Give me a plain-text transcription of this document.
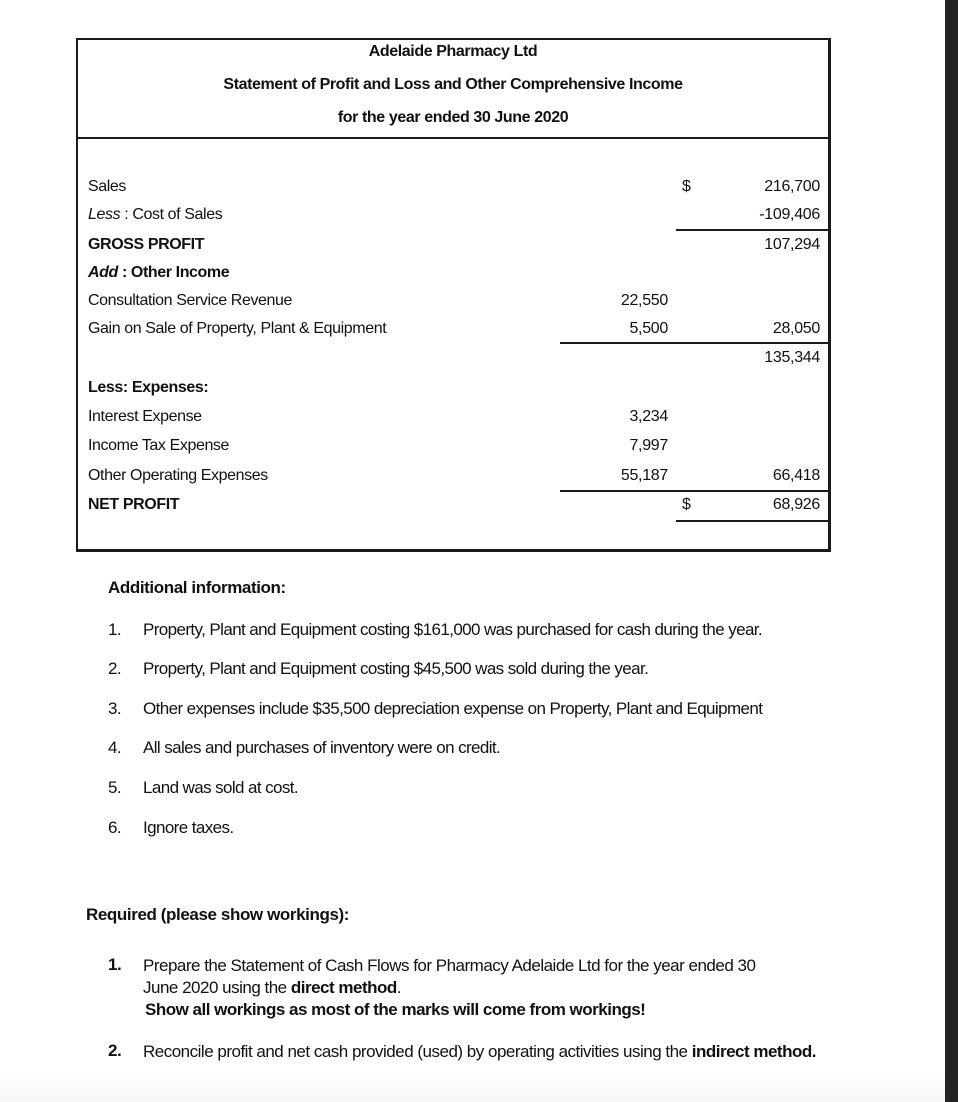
Adelaide Pharmacy Ltd
Statement of Profit and Loss and Other Comprehensive Income
for the year ended 30 June 2020
Sales	$	216,700
Less : Cost of Sales	-109,406
GROSS PROFIT	107,294
Add : Other Income
Consultation Service Revenue	22,550
Gain on Sale of Property, Plant & Equipment	5,500	28,050
135,344
Less: Expenses:
Interest Expense	3,234
Income Tax Expense	7,997
Other Operating Expenses	55,187	66,418
NET PROFIT	$	68,926
Additional information:
1. Property, Plant and Equipment costing $161,000 was purchased for cash during the year.
2. Property, Plant and Equipment costing $45,500 was sold during the year.
3. Other expenses include $35,500 depreciation expense on Property, Plant and Equipment
4. All sales and purchases of inventory were on credit.
5. Land was sold at cost.
6. Ignore taxes.
Required (please show workings):
1. Prepare the Statement of Cash Flows for Pharmacy Adelaide Ltd for the year ended 30
June 2020 using the direct method.
Show all workings as most of the marks will come from workings!
2. Reconcile profit and net cash provided (used) by operating activities using the indirect method.
